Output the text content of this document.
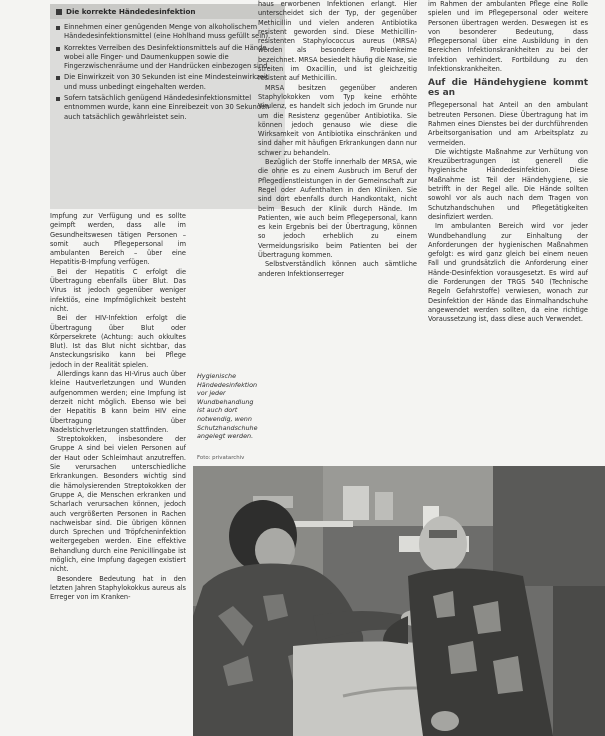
Die korrekte Händedesinfektion
Einnehmen einer genügenden Menge von alkoholischem Händedesinfektionsmittel (eine Hohlhand muss gefüllt sein).
Korrektes Verreiben des Desinfektionsmittels auf die Hände, wobei alle Finger- und Daumenkuppen sowie die Fingerzwischenräume und der Handrücken einbezogen sind.
Die Einwirkzeit von 30 Sekunden ist eine Mindesteinwirkzeit und muss unbedingt eingehalten werden.
Sofern tatsächlich genügend Händedesinfektionsmittel entnommen wurde, kann eine Einreibezeit von 30 Sekunden auch tatsächlich gewährleistet sein.

Impfung zur Verfügung und es sollte geimpft werden, dass alle im Gesundheitswesen tätigen Personen – somit auch Pflegepersonal im ambulanten Bereich – über eine Hepatitis-B-Impfung verfügen.

Bei der Hepatitis C erfolgt die Übertragung ebenfalls über Blut. Das Virus ist jedoch gegenüber weniger infektiös, eine Impfmöglichkeit besteht nicht.

Bei der HIV-Infektion erfolgt die Übertragung über Blut oder Körpersekrete (Achtung: auch okkultes Blut). Ist das Blut nicht sichtbar, das Ansteckungsrisiko kann bei Pflege jedoch in der Realität spielen.

Allerdings kann das HI-Virus auch über kleine Hautverletzungen und Wunden aufgenommen werden; eine Impfung ist derzeit nicht möglich. Ebenso wie bei der Hepatitis B kann beim HIV eine Übertragung über Nadelstichverletzungen stattfinden.

Streptokokken, insbesondere der Gruppe A sind bei vielen Personen auf der Haut oder Schleimhaut anzutreffen. Sie verursachen unterschiedliche Erkrankungen. Besonders wichtig sind die hämolysierenden Streptokokken der Gruppe A, die Menschen erkranken und Scharlach verursachen können, jedoch auch vergrößerten Personen in Rachen nachweisbar sind. Die übrigen können durch Sprechen und Tröpfcheninfektion weitergegeben werden. Eine effektive Behandlung durch eine Penicillingabe ist möglich, eine Impfung dagegen existiert nicht.

Besondere Bedeutung hat in den letzten Jahren Staphylokokkus aureus als Erreger von im Kranken-

Hygienische Händedesinfektion vor jeder Wundbehandlung ist auch dort notwendig, wenn Schutzhandschuhe angelegt werden.
Foto: privatarchiv

haus erworbenen Infektionen erlangt. Hier unterscheidet sich der Typ, der gegenüber Methicillin und vielen anderen Antibiotika resistent geworden sind. Diese Methicillin-resistenten Staphylococcus aureus (MRSA) werden als besondere Problemkeime bezeichnet. MRSA besiedelt häufig die Nase, sie streiten im Oxacillin, und ist gleichzeitig resistent auf Methicillin.

MRSA besitzen gegenüber anderen Staphylokokken vom Typ keine erhöhte Virulenz, es handelt sich jedoch im Grunde nur um die Resistenz gegenüber Antibiotika. Sie können jedoch genauso wie diese die Wirksamkeit von Antibiotika einschränken und sind daher mit häufigen Erkrankungen dann nur schwer zu behandeln.

Bezüglich der Stoffe innerhalb der MRSA, wie die ohne es zu einem Ausbruch im Beruf der Pflegedienstleistungen in der Gemeinschaft zur Regel oder Aufenthalten in den Kliniken. Sie sind dort ebenfalls durch Handkontakt, nicht beim Besuch der Klinik durch Hände. Im Patienten, wie auch beim Pflegepersonal, kann es kein Ergebnis bei der Übertragung, können so jedoch erheblich zu einem Vermeidungsrisiko beim Patienten bei der Übertragung kommen.

Selbstverständlich können auch sämtliche anderen Infektionserreger

im Rahmen der ambulanten Pflege eine Rolle spielen und im Pflegepersonal oder weitere Personen übertragen werden. Deswegen ist es von besonderer Bedeutung, dass Pflegepersonal über eine Ausbildung in den Bereichen Infektionskrankheiten zu bei der Infektion verhindert. Fortbildung zu den Infektionskrankheiten.

Auf die Händehygiene kommt es an

Pflegepersonal hat Anteil an den ambulant betreuten Personen. Diese Übertragung hat im Rahmen eines Dienstes bei der durchführenden Arbeitsorganisation und am Arbeitsplatz zu vermeiden.

Die wichtigste Maßnahme zur Verhütung von Kreuzübertragungen ist generell die hygienische Händedesinfektion. Diese Maßnahme ist Teil der Händehygiene, sie betrifft in der Regel alle. Die Hände sollten sowohl vor als auch nach dem Tragen von Schutzhandschuhen und Pflegetätigkeiten desinfiziert werden.

Im ambulanten Bereich wird vor jeder Wundbehandlung zur Einhaltung der Anforderungen der hygienischen Maßnahmen gefolgt: es wird ganz gleich bei einem neuen Fall und grundsätzlich die Anforderung einer Hände-Desinfektion vorausgesetzt. Es wird auf die Forderungen der TRGS 540 (Technische Regeln Gefahrstoffe) verwiesen, wonach zur Desinfektion der Hände das Einmalhandschuhe angewendet werden sollten, da eine richtige Voraussetzung ist, dass diese auch Verwendet.
